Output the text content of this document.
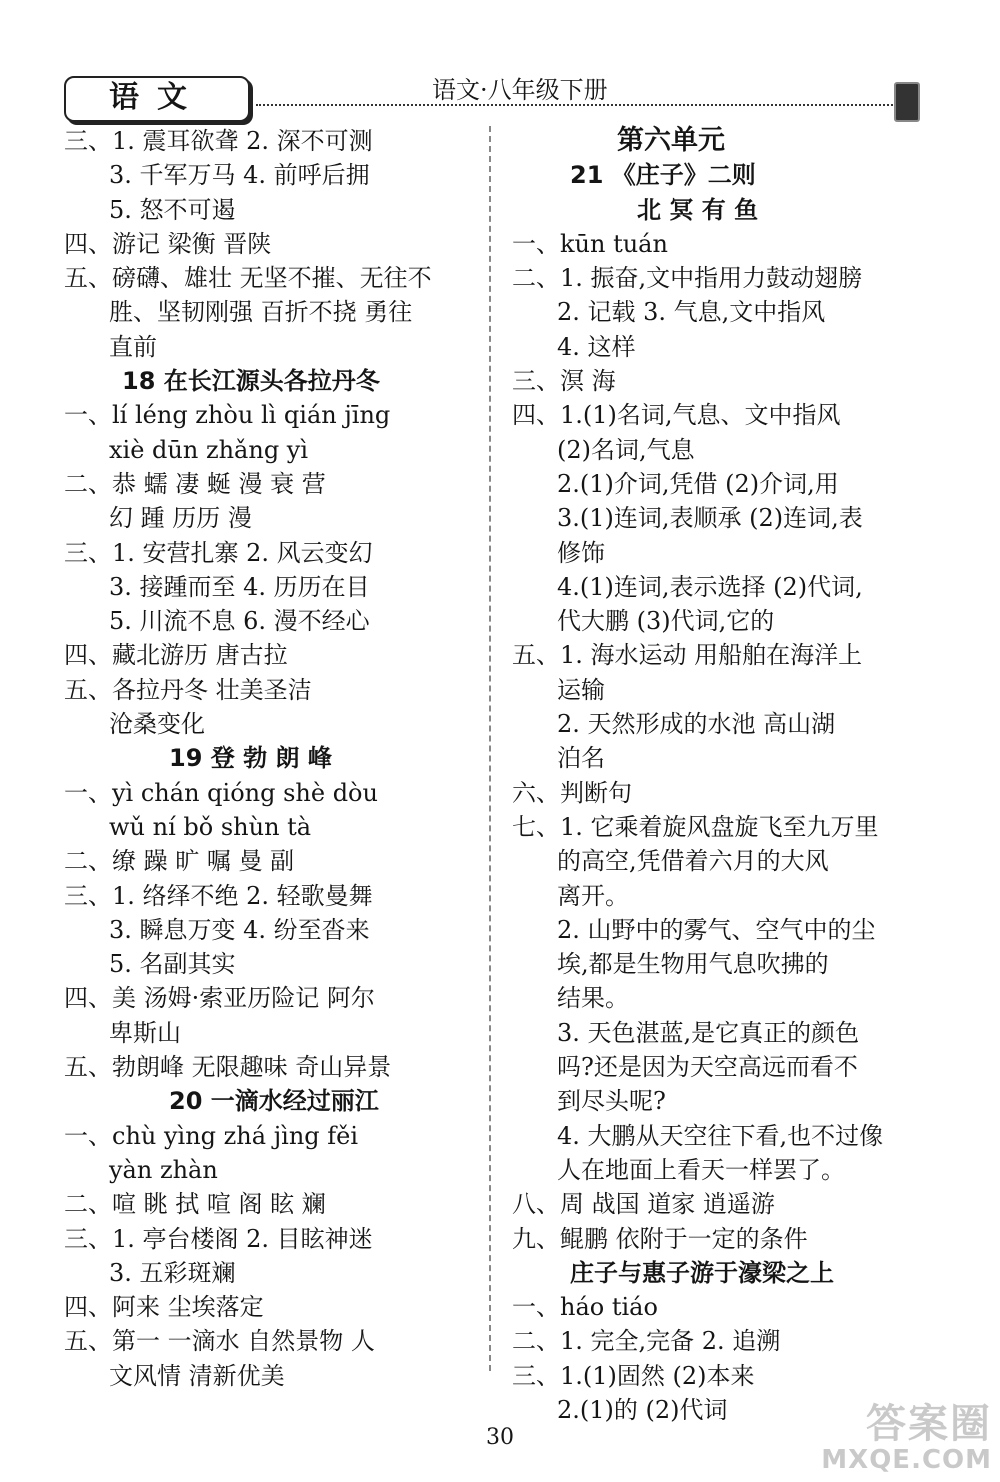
语文	语文·八年级下册
三、1. 震耳欲聋 2. 深不可测
3. 千军万马 4. 前呼后拥
5. 怒不可遏
四、游记 梁衡 晋陕
五、磅礴、雄壮 无坚不摧、无往不
胜、坚韧刚强 百折不挠 勇往
直前
18 在长江源头各拉丹冬
一、lí léng zhòu lì qián jīng
xiè dūn zhǎng yì
二、恭 蠕 凄 蜒 漫 衰 营
幻 踵 历历 漫
三、1. 安营扎寨 2. 风云变幻
3. 接踵而至 4. 历历在目
5. 川流不息 6. 漫不经心
四、藏北游历 唐古拉
五、各拉丹冬 壮美圣洁
沧桑变化
19 登 勃 朗 峰
一、yì chán qióng shè dòu
wǔ ní bǒ shùn tà
二、缭 躁 旷 嘱 曼 副
三、1. 络绎不绝 2. 轻歌曼舞
3. 瞬息万变 4. 纷至沓来
5. 名副其实
四、美 汤姆·索亚历险记 阿尔
卑斯山
五、勃朗峰 无限趣味 奇山异景
20 一滴水经过丽江
一、chù yìng zhá jìng fěi
yàn zhàn
二、喧 眺 拭 喧 阁 眩 斓
三、1. 亭台楼阁 2. 目眩神迷
3. 五彩斑斓
四、阿来 尘埃落定
五、第一 一滴水 自然景物 人
文风情 清新优美
第六单元
21 《庄子》二则
北 冥 有 鱼
一、kūn tuán
二、1. 振奋,文中指用力鼓动翅膀
2. 记载 3. 气息,文中指风
4. 这样
三、溟 海
四、1.(1)名词,气息、文中指风
(2)名词,气息
2.(1)介词,凭借 (2)介词,用
3.(1)连词,表顺承 (2)连词,表
修饰
4.(1)连词,表示选择 (2)代词,
代大鹏 (3)代词,它的
五、1. 海水运动 用船舶在海洋上
运输
2. 天然形成的水池 高山湖
泊名
六、判断句
七、1. 它乘着旋风盘旋飞至九万里
的高空,凭借着六月的大风
离开。
2. 山野中的雾气、空气中的尘
埃,都是生物用气息吹拂的
结果。
3. 天色湛蓝,是它真正的颜色
吗?还是因为天空高远而看不
到尽头呢?
4. 大鹏从天空往下看,也不过像
人在地面上看天一样罢了。
八、周 战国 道家 逍遥游
九、鲲鹏 依附于一定的条件
庄子与惠子游于濠梁之上
一、háo tiáo
二、1. 完全,完备 2. 追溯
三、1.(1)固然 (2)本来
2.(1)的 (2)代词
30	答案圈
MXQE.COM
